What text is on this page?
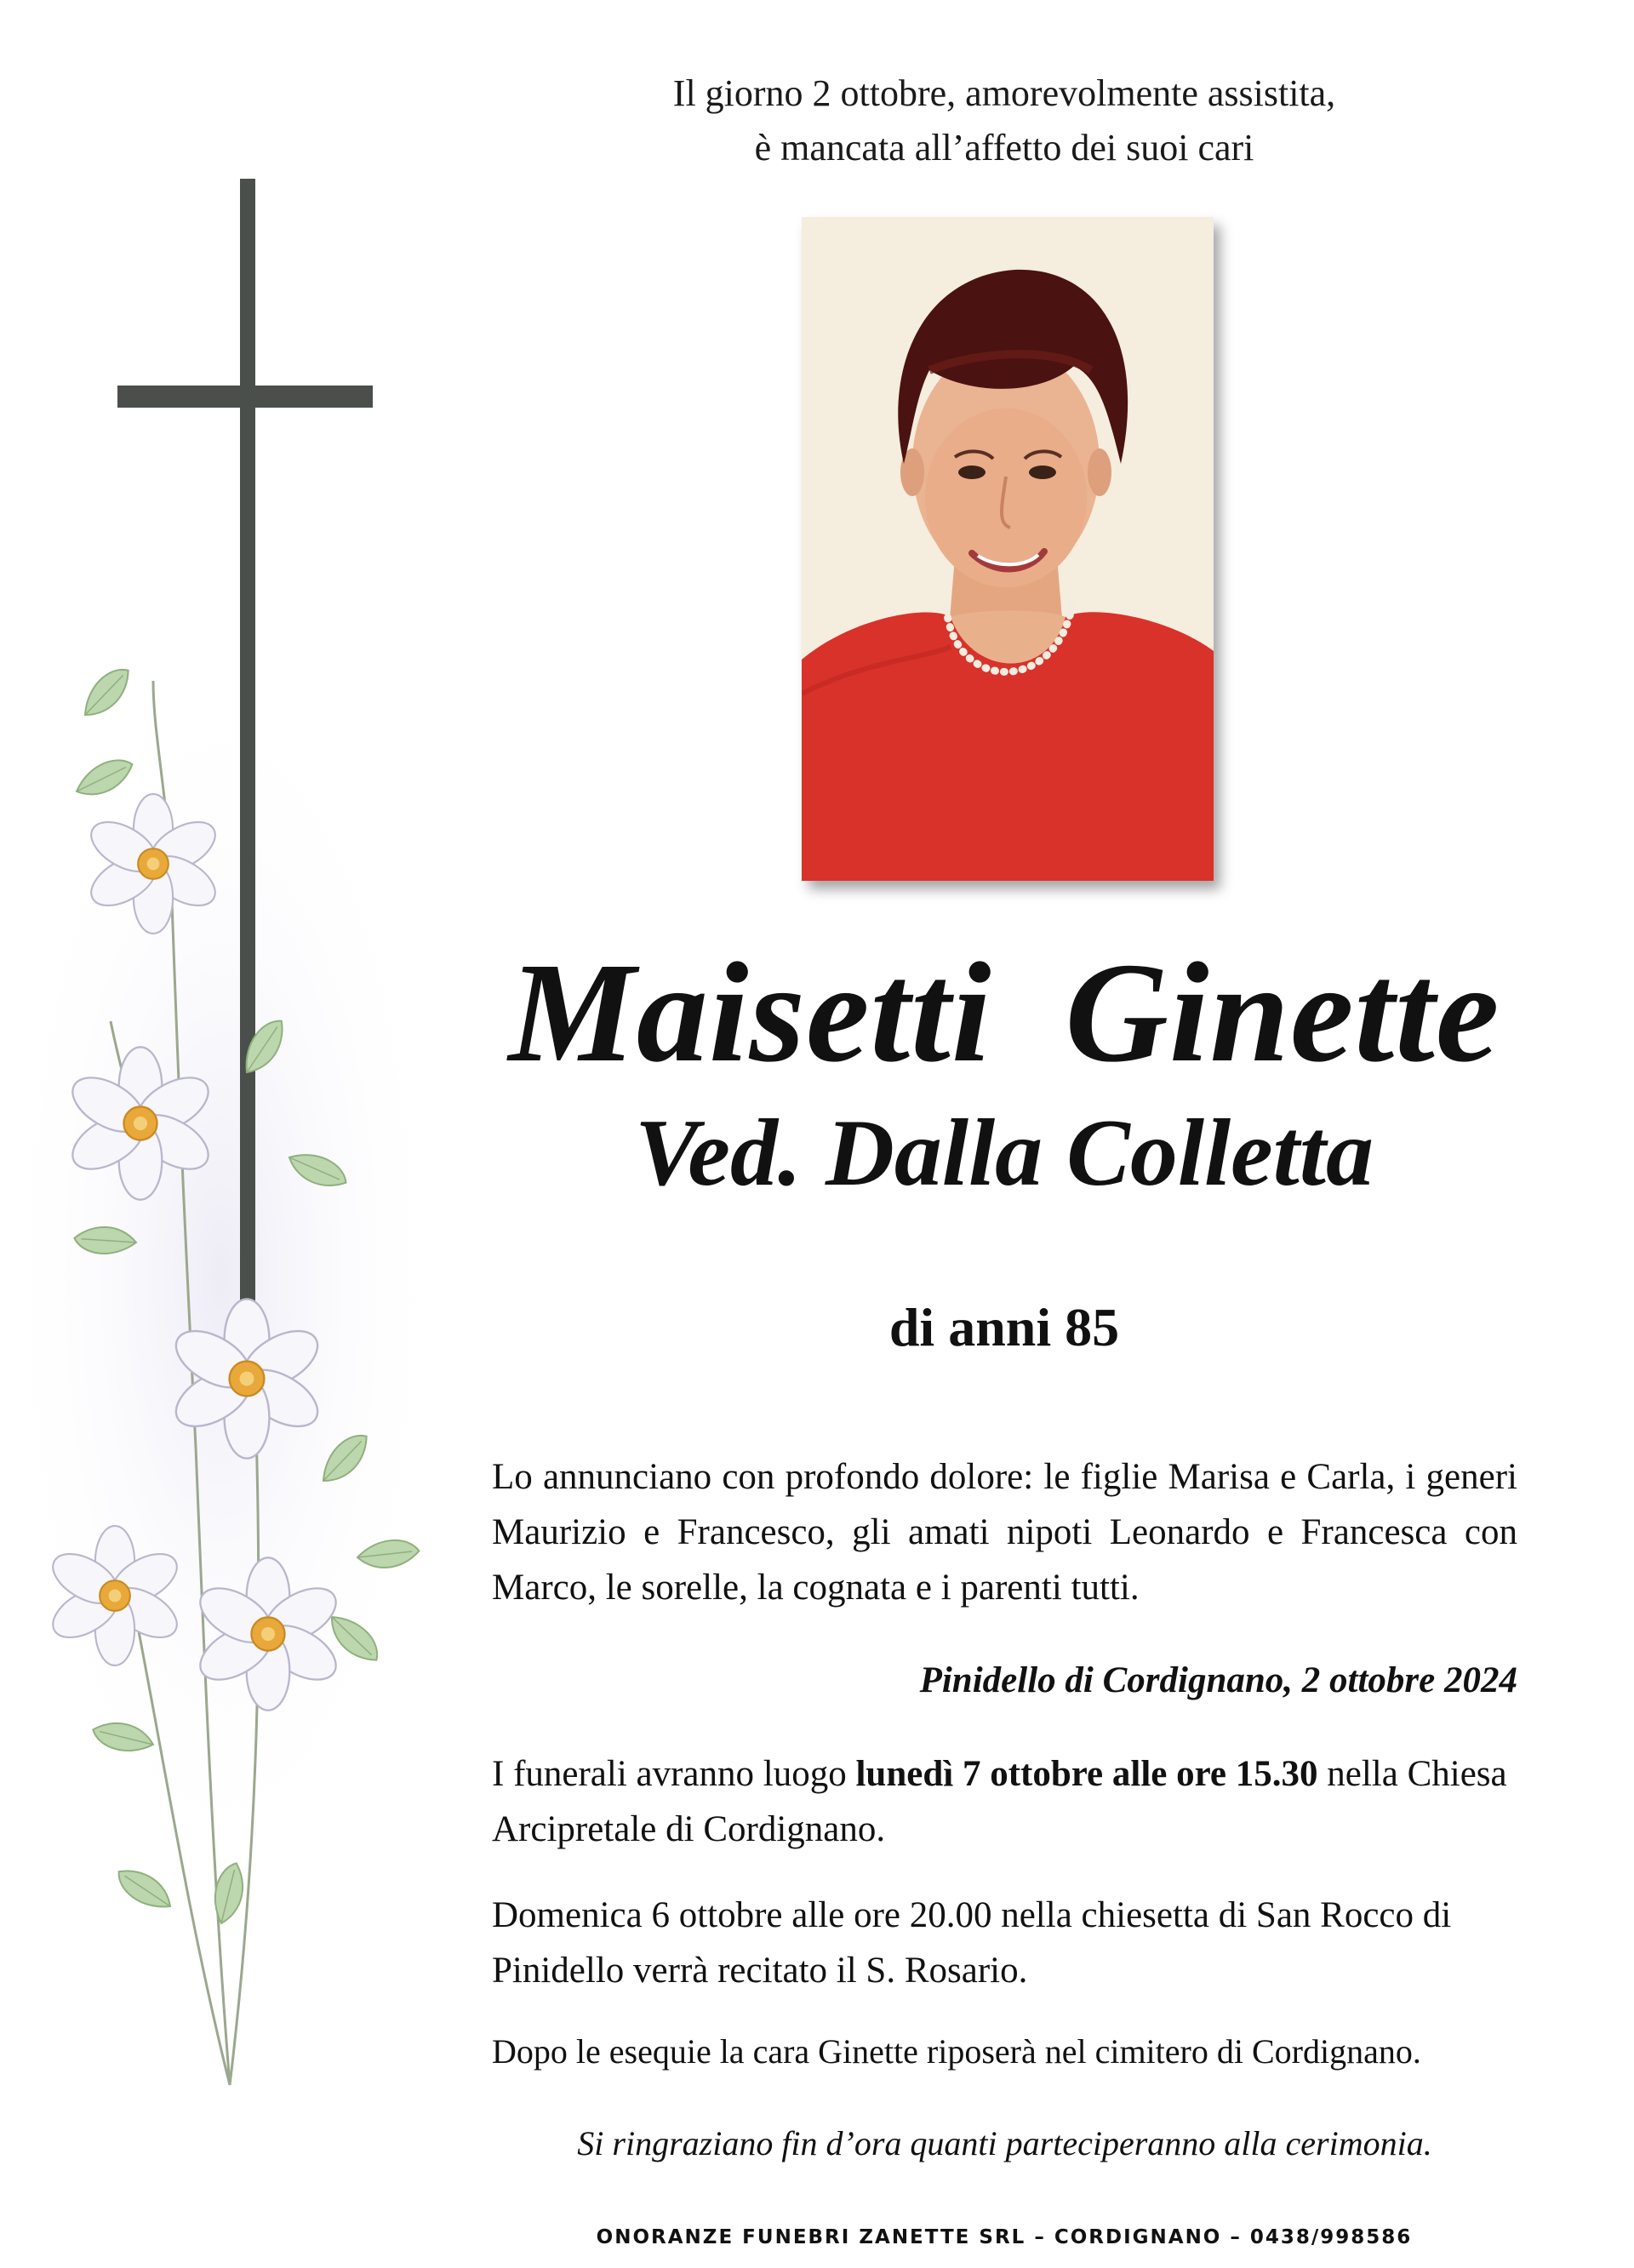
Il giorno 2 ottobre, amorevolmente assistita,
è mancata all’affetto dei suoi cari
Maisetti  Ginette
Ved. Dalla Colletta
di anni 85
Lo annunciano con profondo dolore: le figlie Marisa e Carla, i generi Maurizio e Francesco, gli amati nipoti Leonardo e Francesca con Marco, le sorelle, la cognata e i parenti tutti.
Pinidello di Cordignano, 2 ottobre 2024
I funerali avranno luogo lunedì 7 ottobre alle ore 15.30 nella Chiesa Arcipretale di Cordignano.
Domenica 6 ottobre alle ore 20.00 nella chiesetta di San Rocco di Pinidello verrà recitato il S. Rosario.
Dopo le esequie la cara Ginette riposerà nel cimitero di Cordignano.
Si ringraziano fin d’ora quanti parteciperanno alla cerimonia.
ONORANZE FUNEBRI ZANETTE SRL – CORDIGNANO – 0438/998586
